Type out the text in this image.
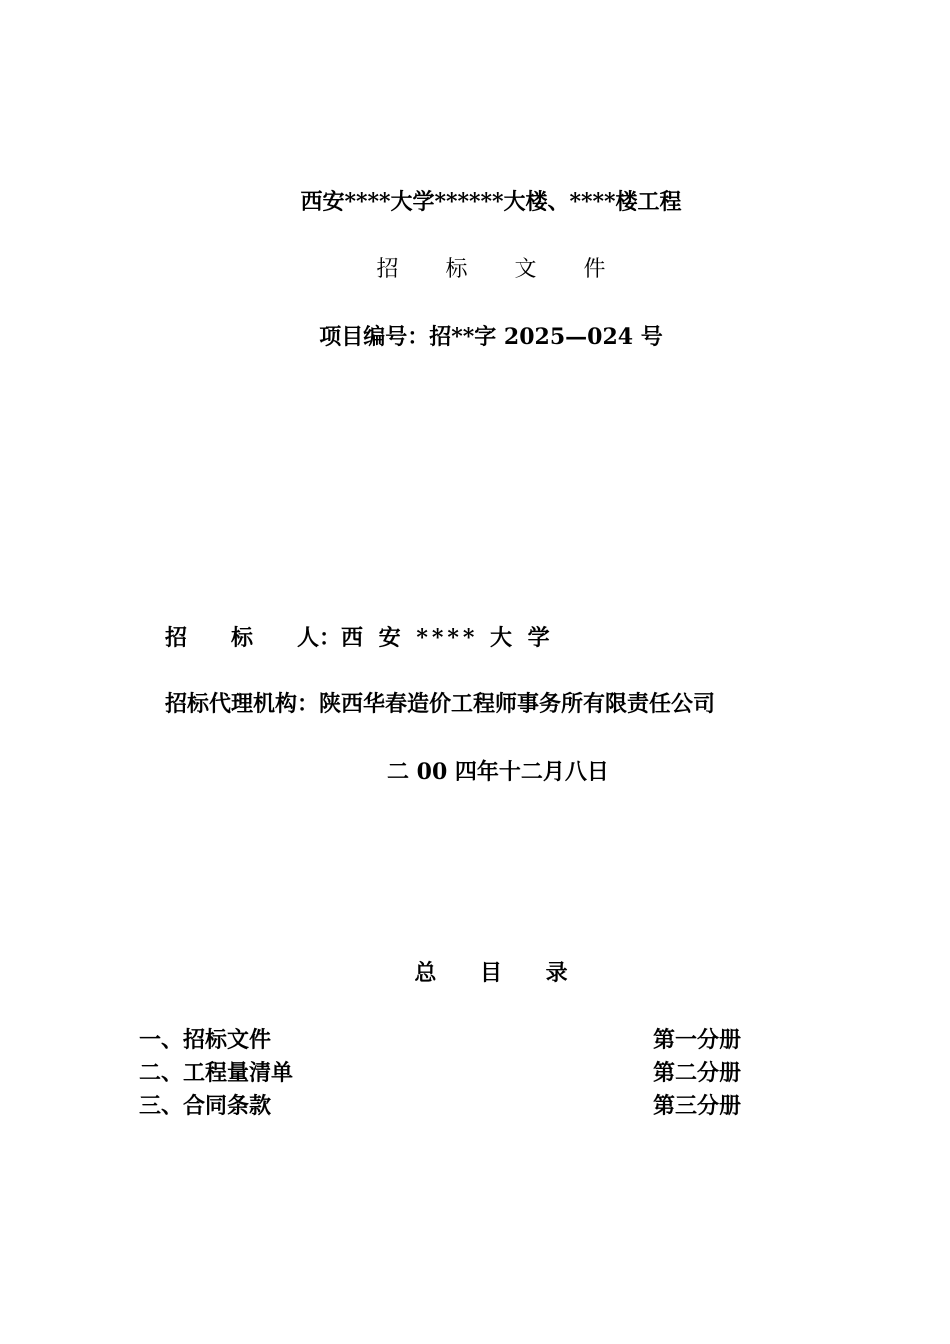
西安****大学******大楼、****楼工程
招 标 文 件
项目编号：招**字 2025—024 号
招　　标　　人：西 安 **** 大 学
招标代理机构：陕西华春造价工程师事务所有限责任公司
二 00 四年十二月八日
总 目 录
一、招标文件	第一分册
二、工程量清单	第二分册
三、合同条款	第三分册
